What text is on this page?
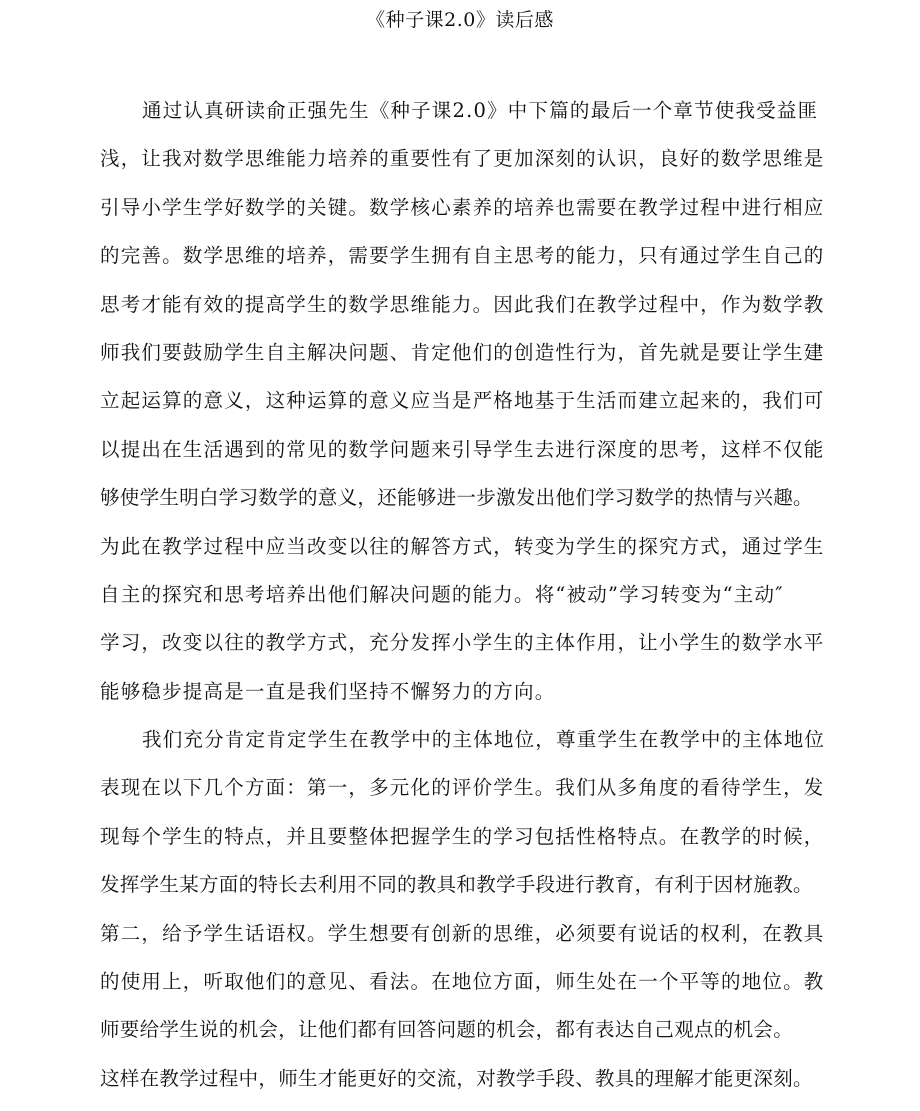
《种子课2.0》读后感
通过认真研读俞正强先生《种子课2.0》中下篇的最后一个章节使我受益匪
浅，让我对数学思维能力培养的重要性有了更加深刻的认识，良好的数学思维是
引导小学生学好数学的关键。数学核心素养的培养也需要在教学过程中进行相应
的完善。数学思维的培养，需要学生拥有自主思考的能力，只有通过学生自己的
思考才能有效的提高学生的数学思维能力。因此我们在教学过程中，作为数学教
师我们要鼓励学生自主解决问题、肯定他们的创造性行为，首先就是要让学生建
立起运算的意义，这种运算的意义应当是严格地基于生活而建立起来的，我们可
以提出在生活遇到的常见的数学问题来引导学生去进行深度的思考，这样不仅能
够使学生明白学习数学的意义，还能够进一步激发出他们学习数学的热情与兴趣。
为此在教学过程中应当改变以往的解答方式，转变为学生的探究方式，通过学生
自主的探究和思考培养出他们解决问题的能力。将“被动”学习转变为“主动″
学习，改变以往的教学方式，充分发挥小学生的主体作用，让小学生的数学水平
能够稳步提高是一直是我们坚持不懈努力的方向。
我们充分肯定肯定学生在教学中的主体地位，尊重学生在教学中的主体地位
表现在以下几个方面：第一，多元化的评价学生。我们从多角度的看待学生，发
现每个学生的特点，并且要整体把握学生的学习包括性格特点。在教学的时候，
发挥学生某方面的特长去利用不同的教具和教学手段进行教育，有利于因材施教。
第二，给予学生话语权。学生想要有创新的思维，必须要有说话的权利，在教具
的使用上，听取他们的意见、看法。在地位方面，师生处在一个平等的地位。教
师要给学生说的机会，让他们都有回答问题的机会，都有表达自己观点的机会。
这样在教学过程中，师生才能更好的交流，对教学手段、教具的理解才能更深刻。
